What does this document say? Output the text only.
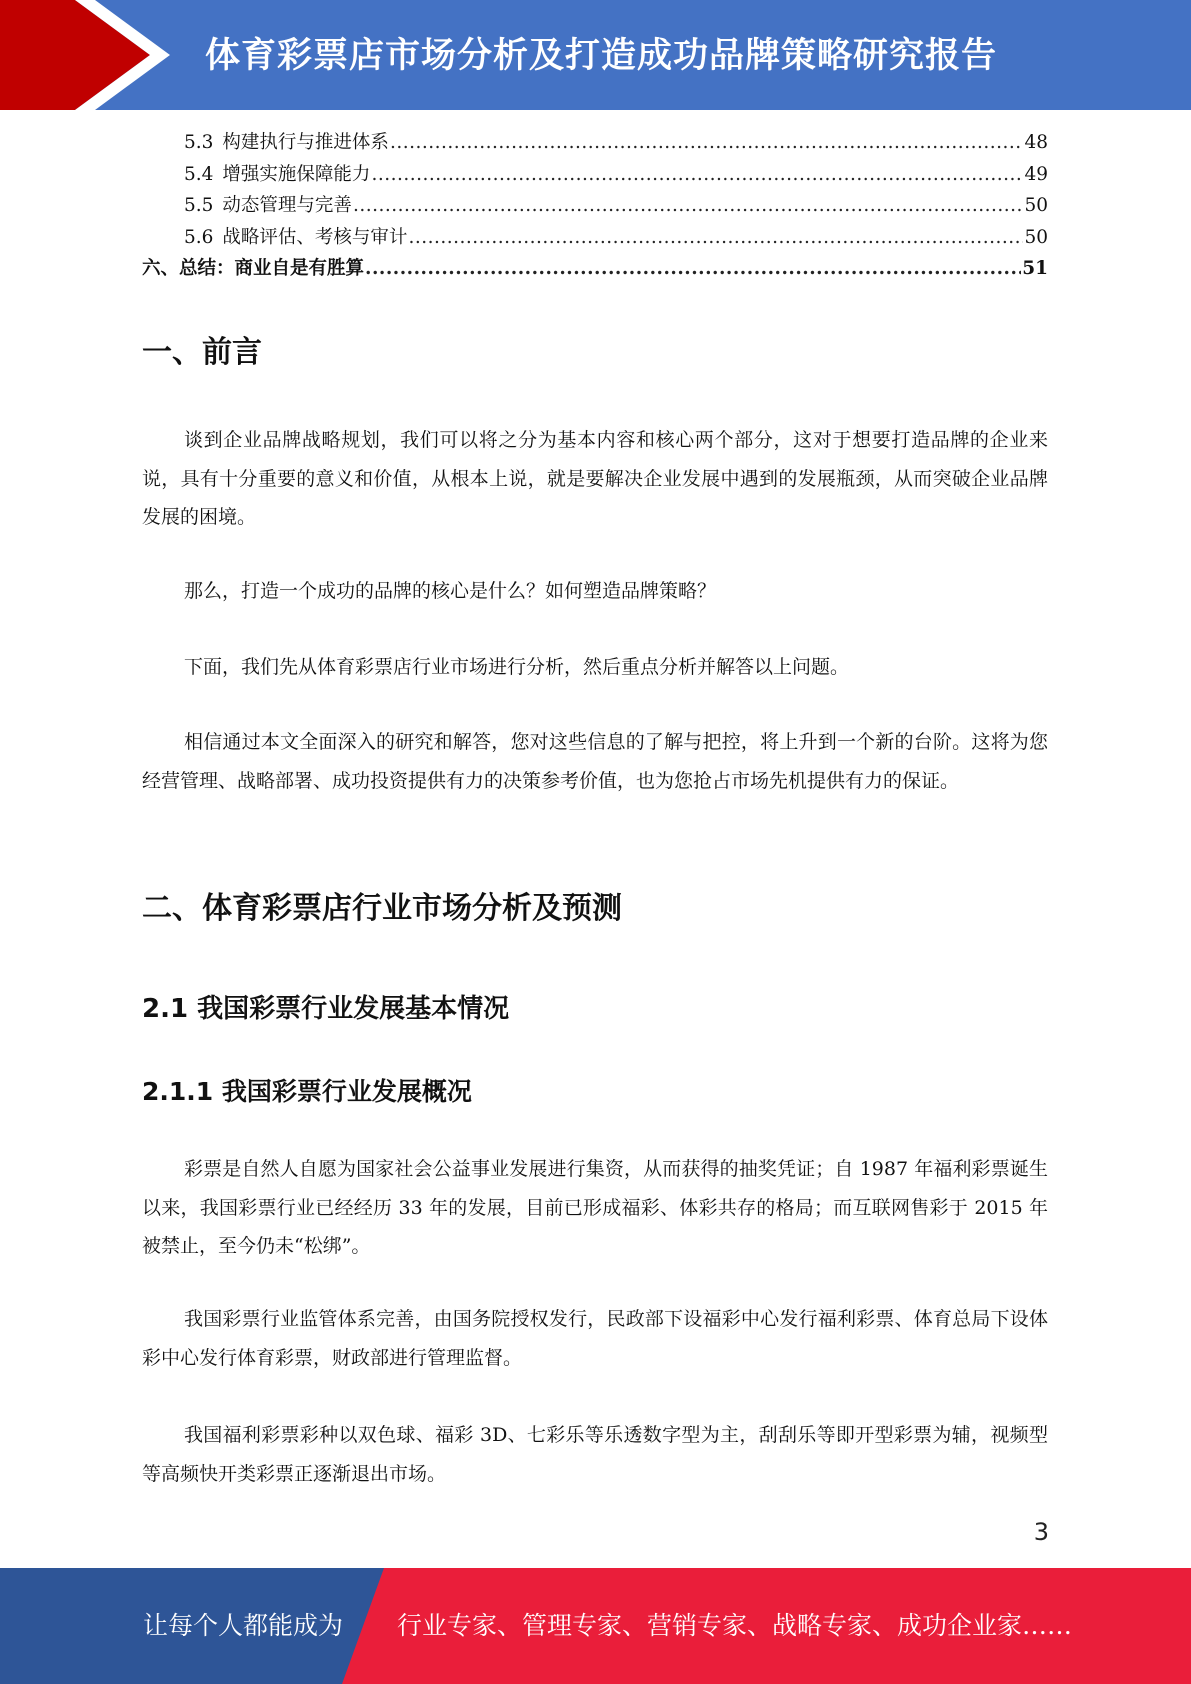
体育彩票店市场分析及打造成功品牌策略研究报告
5.3 构建执行与推进体系 .....	48
5.4 增强实施保障能力 .....	49
5.5 动态管理与完善 .....	50
5.6 战略评估、考核与审计 .....	50
六、总结：商业自是有胜算 .....	51
一、前言

谈到企业品牌战略规划，我们可以将之分为基本内容和核心两个部分，这对于想要打造品牌的企业来说，具有十分重要的意义和价值，从根本上说，就是要解决企业发展中遇到的发展瓶颈，从而突破企业品牌发展的困境。

那么，打造一个成功的品牌的核心是什么？如何塑造品牌策略？

下面，我们先从体育彩票店行业市场进行分析，然后重点分析并解答以上问题。

相信通过本文全面深入的研究和解答，您对这些信息的了解与把控，将上升到一个新的台阶。这将为您经营管理、战略部署、成功投资提供有力的决策参考价值，也为您抢占市场先机提供有力的保证。

二、体育彩票店行业市场分析及预测
2.1 我国彩票行业发展基本情况
2.1.1 我国彩票行业发展概况

彩票是自然人自愿为国家社会公益事业发展进行集资，从而获得的抽奖凭证；自 1987 年福利彩票诞生以来，我国彩票行业已经经历 33 年的发展，目前已形成福彩、体彩共存的格局；而互联网售彩于 2015 年被禁止，至今仍未“松绑”。

我国彩票行业监管体系完善，由国务院授权发行，民政部下设福彩中心发行福利彩票、体育总局下设体彩中心发行体育彩票，财政部进行管理监督。

我国福利彩票彩种以双色球、福彩 3D、七彩乐等乐透数字型为主，刮刮乐等即开型彩票为辅，视频型等高频快开类彩票正逐渐退出市场。

3
让每个人都能成为 行业专家、管理专家、营销专家、战略专家、成功企业家……
